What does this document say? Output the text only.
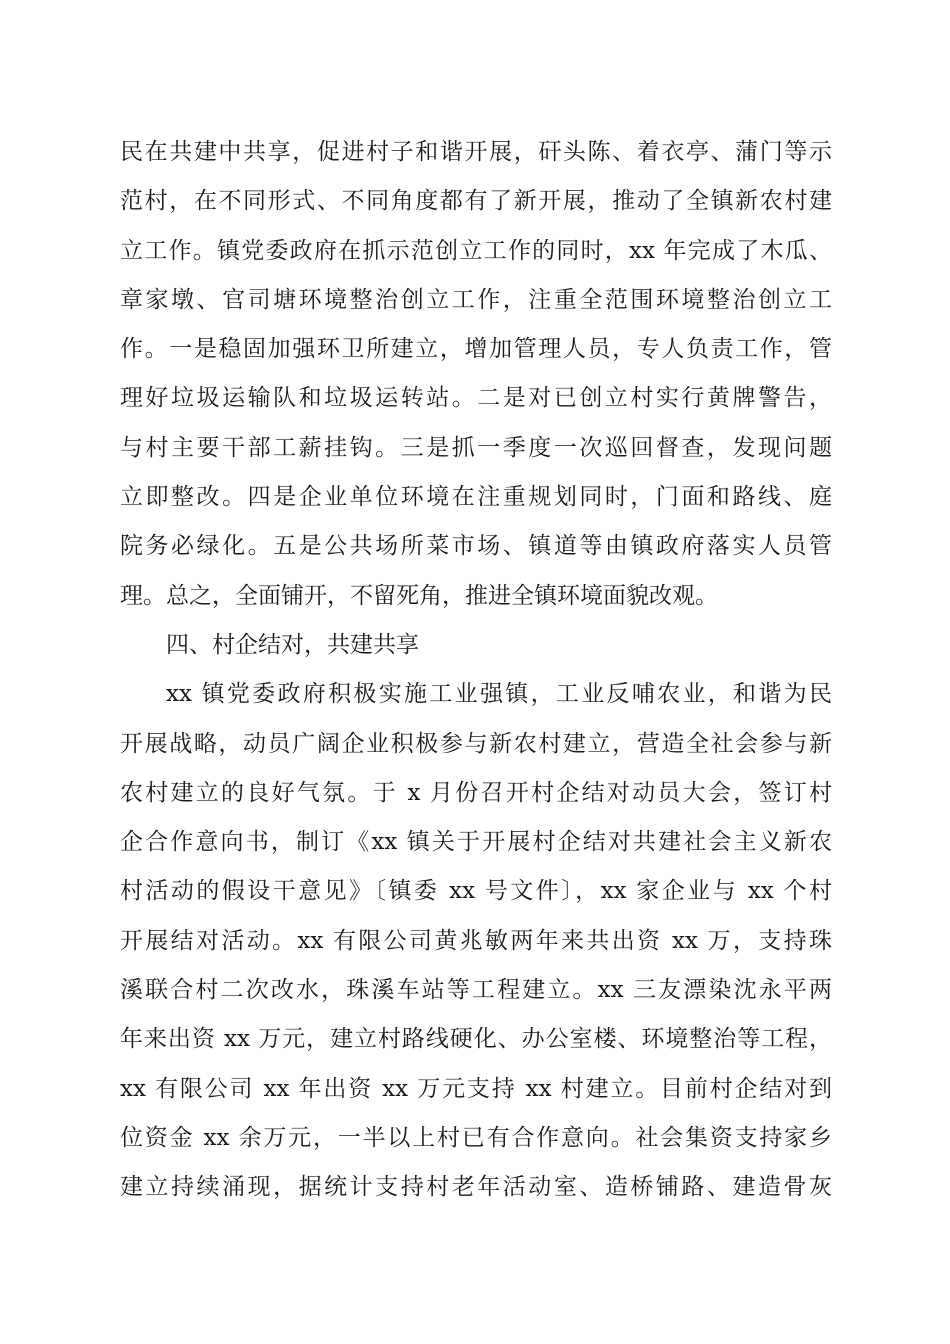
民在共建中共享，促进村子和谐开展，矸头陈、着衣亭、蒲门等示
范村，在不同形式、不同角度都有了新开展，推动了全镇新农村建
立工作。镇党委政府在抓示范创立工作的同时，xx 年完成了木瓜、
章家墩、官司塘环境整治创立工作，注重全范围环境整治创立工
作。一是稳固加强环卫所建立，增加管理人员，专人负责工作，管
理好垃圾运输队和垃圾运转站。二是对已创立村实行黄牌警告，
与村主要干部工薪挂钩。三是抓一季度一次巡回督查，发现问题
立即整改。四是企业单位环境在注重规划同时，门面和路线、庭
院务必绿化。五是公共场所菜市场、镇道等由镇政府落实人员管
理。总之，全面铺开，不留死角，推进全镇环境面貌改观。
四、村企结对，共建共享
xx 镇党委政府积极实施工业强镇，工业反哺农业，和谐为民
开展战略，动员广阔企业积极参与新农村建立，营造全社会参与新
农村建立的良好气氛。于 x 月份召开村企结对动员大会，签订村
企合作意向书，制订《xx 镇关于开展村企结对共建社会主义新农
村活动的假设干意见》〔镇委 xx 号文件〕，xx 家企业与 xx 个村
开展结对活动。xx 有限公司黄兆敏两年来共出资 xx 万，支持珠
溪联合村二次改水，珠溪车站等工程建立。xx 三友漂染沈永平两
年来出资 xx 万元，建立村路线硬化、办公室楼、环境整治等工程，
xx 有限公司 xx 年出资 xx 万元支持 xx 村建立。目前村企结对到
位资金 xx 余万元，一半以上村已有合作意向。社会集资支持家乡
建立持续涌现，据统计支持村老年活动室、造桥铺路、建造骨灰
